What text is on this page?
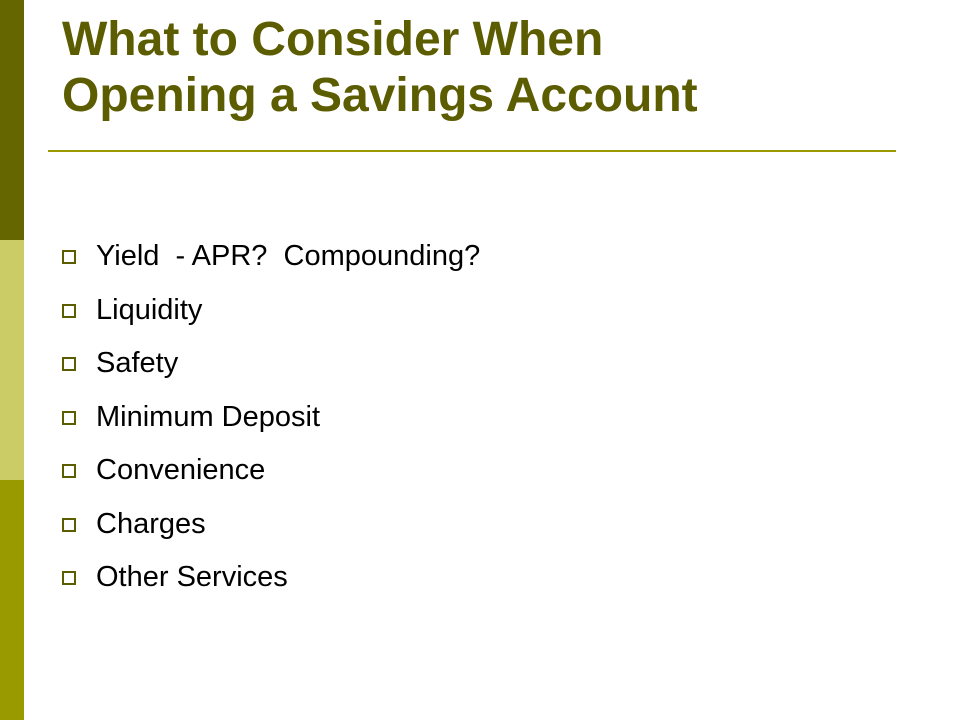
What to Consider When
Opening a Savings Account
Yield  - APR?  Compounding?
Liquidity
Safety
Minimum Deposit
Convenience
Charges
Other Services
